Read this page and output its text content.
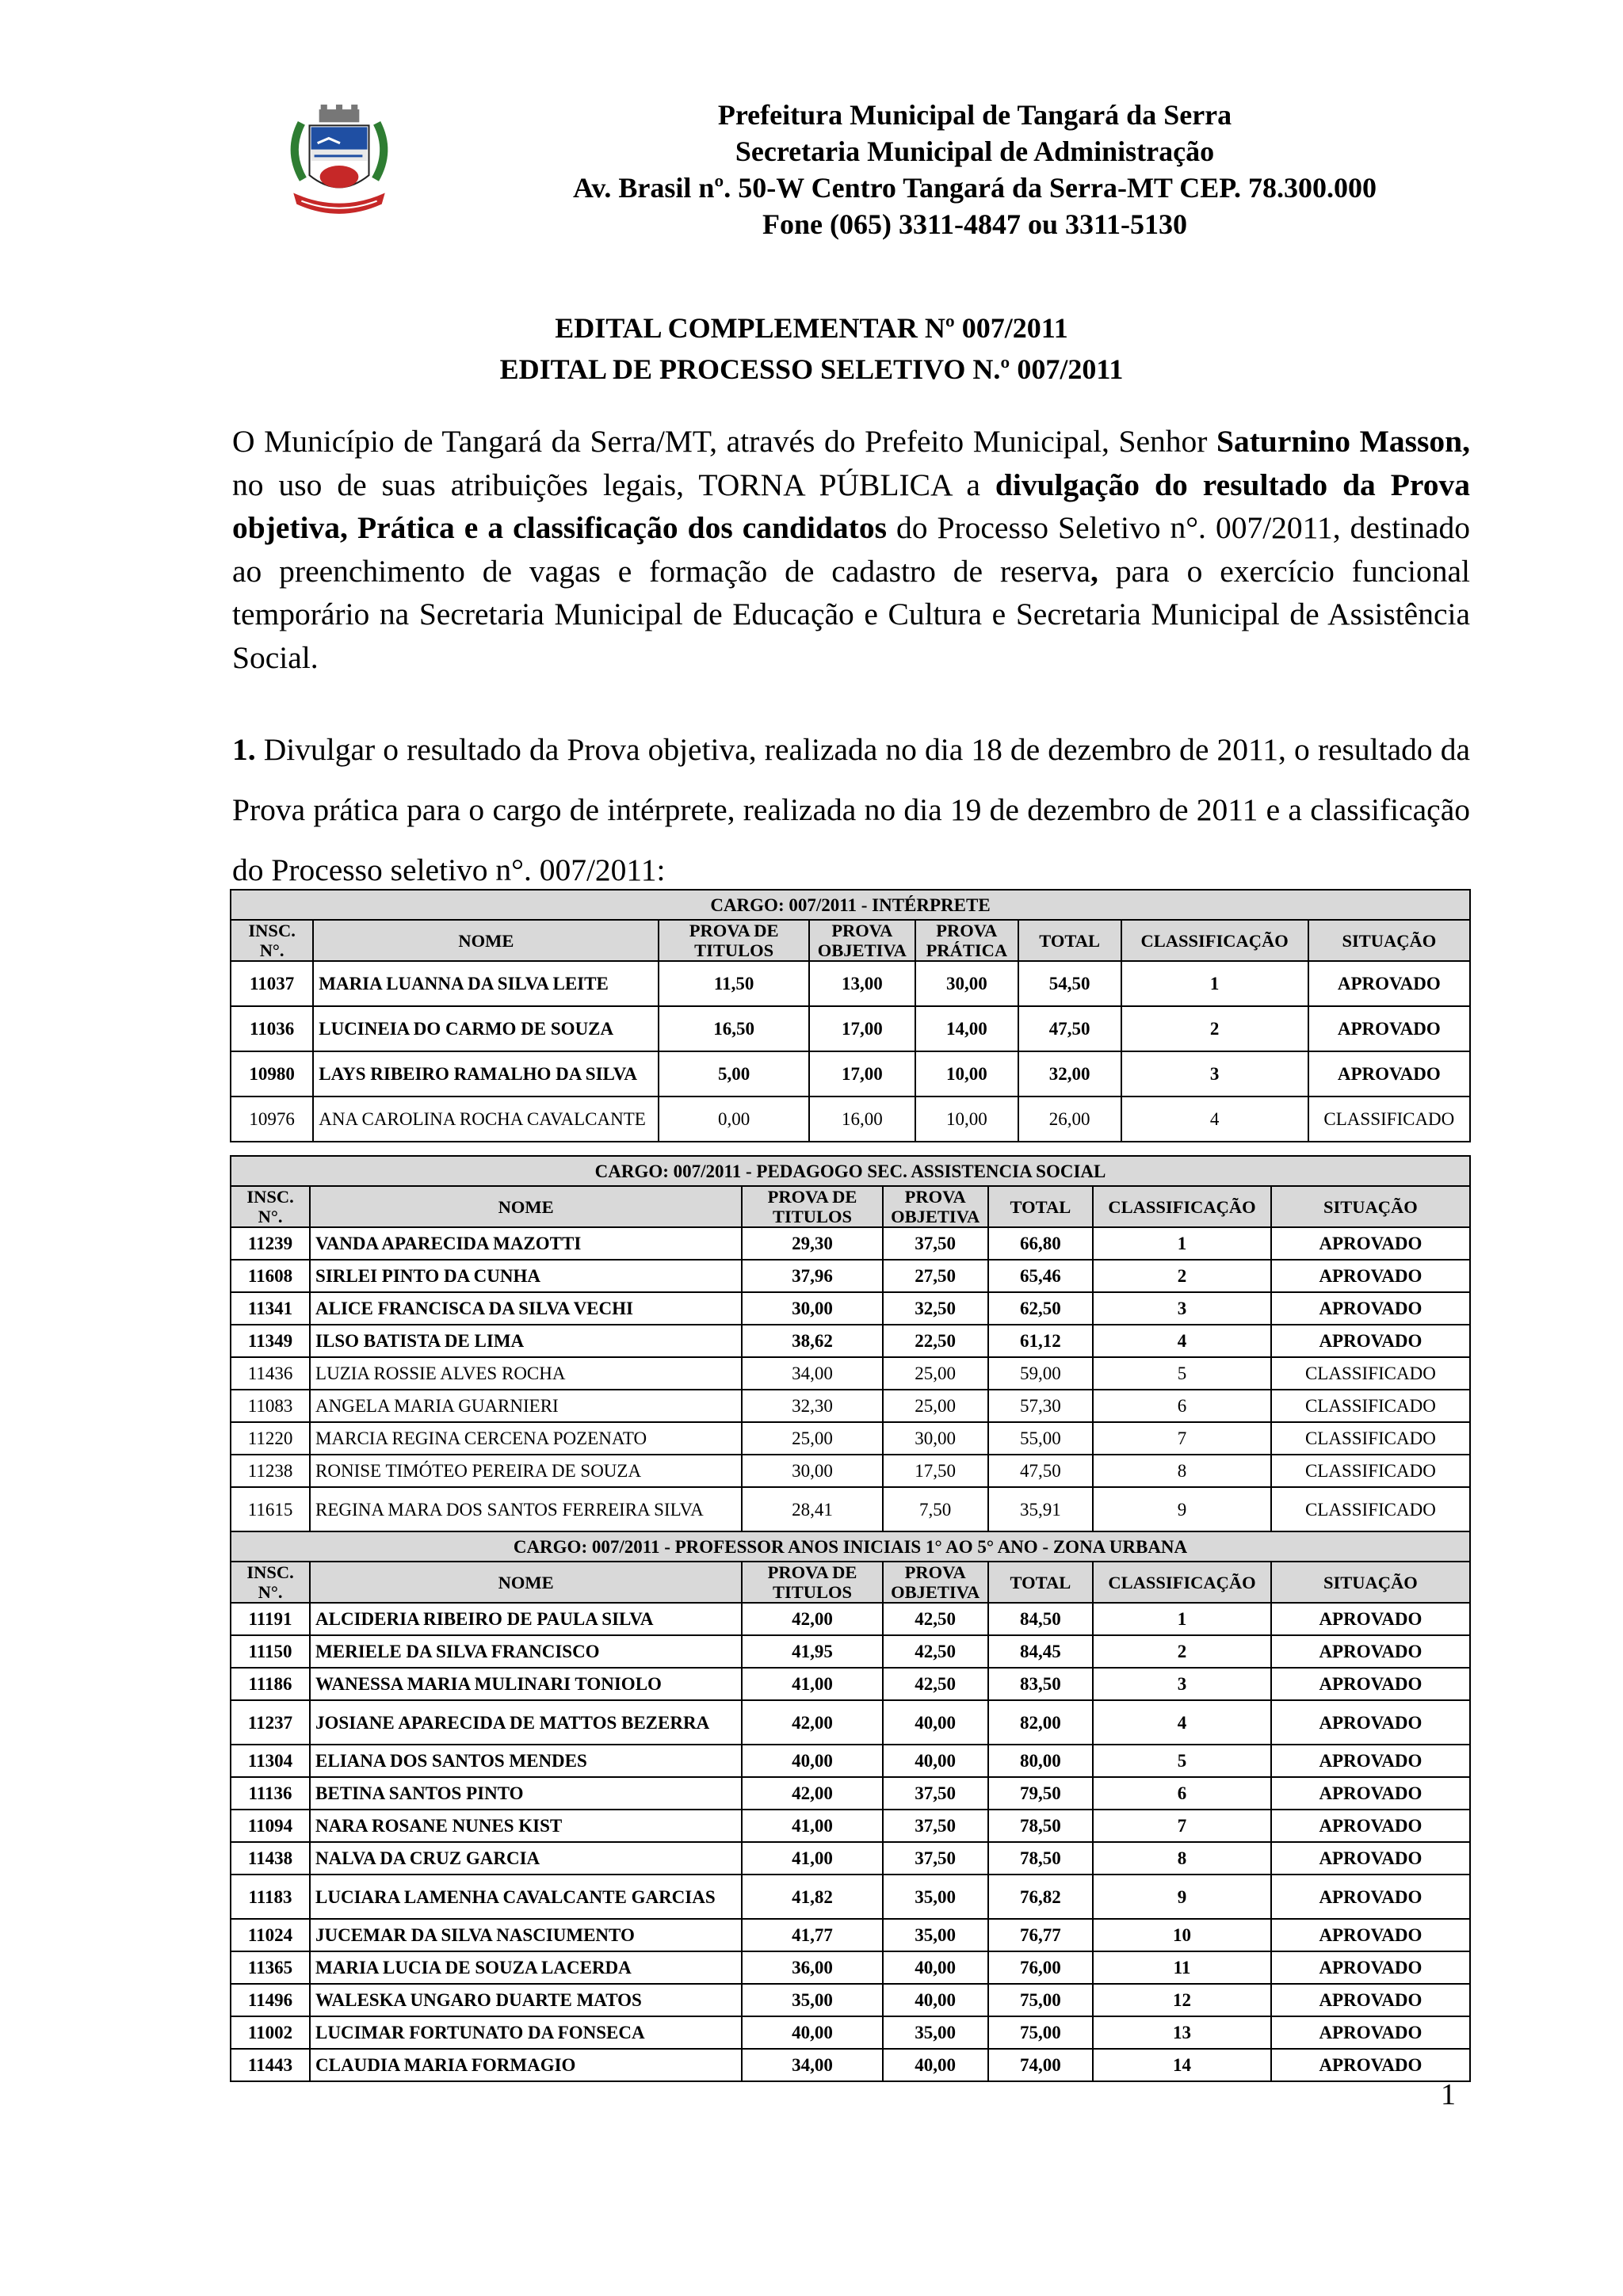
Prefeitura Municipal de Tangará da Serra
Secretaria Municipal de Administração
Av. Brasil nº. 50-W Centro Tangará da Serra-MT CEP. 78.300.000
Fone (065) 3311-4847 ou 3311-5130
EDITAL COMPLEMENTAR Nº 007/2011
EDITAL DE PROCESSO SELETIVO N.º 007/2011
O Município de Tangará da Serra/MT, através do Prefeito Municipal, Senhor Saturnino Masson, no uso de suas atribuições legais, TORNA PÚBLICA a divulgação do resultado da Prova objetiva, Prática e a classificação dos candidatos do Processo Seletivo n°. 007/2011, destinado ao preenchimento de vagas e formação de cadastro de reserva, para o exercício funcional temporário na Secretaria Municipal de Educação e Cultura e Secretaria Municipal de Assistência Social.
1. Divulgar o resultado da Prova objetiva, realizada no dia 18 de dezembro de 2011, o resultado da Prova prática para o cargo de intérprete, realizada no dia 19 de dezembro de 2011 e a classificação do Processo seletivo n°. 007/2011:
CARGO: 007/2011 - INTÉRPRETE							
INSC. N°.	NOME	PROVA DE TITULOS	PROVA OBJETIVA	PROVA PRÁTICA	TOTAL	CLASSIFICAÇÃO	SITUAÇÃO
11037	MARIA LUANNA DA SILVA LEITE	11,50	13,00	30,00	54,50	1	APROVADO
11036	LUCINEIA DO CARMO DE SOUZA	16,50	17,00	14,00	47,50	2	APROVADO
10980	LAYS RIBEIRO RAMALHO DA SILVA	5,00	17,00	10,00	32,00	3	APROVADO
10976	ANA CAROLINA ROCHA CAVALCANTE	0,00	16,00	10,00	26,00	4	CLASSIFICADO
CARGO: 007/2011 - PEDAGOGO SEC. ASSISTENCIA SOCIAL						
INSC. N°.	NOME	PROVA DE TITULOS	PROVA OBJETIVA	TOTAL	CLASSIFICAÇÃO	SITUAÇÃO
11239	VANDA APARECIDA MAZOTTI	29,30	37,50	66,80	1	APROVADO
11608	SIRLEI PINTO DA CUNHA	37,96	27,50	65,46	2	APROVADO
11341	ALICE FRANCISCA DA SILVA VECHI	30,00	32,50	62,50	3	APROVADO
11349	ILSO BATISTA DE LIMA	38,62	22,50	61,12	4	APROVADO
11436	LUZIA ROSSIE ALVES ROCHA	34,00	25,00	59,00	5	CLASSIFICADO
11083	ANGELA MARIA GUARNIERI	32,30	25,00	57,30	6	CLASSIFICADO
11220	MARCIA REGINA CERCENA POZENATO	25,00	30,00	55,00	7	CLASSIFICADO
11238	RONISE TIMÓTEO PEREIRA DE SOUZA	30,00	17,50	47,50	8	CLASSIFICADO
11615	REGINA MARA DOS SANTOS FERREIRA SILVA	28,41	7,50	35,91	9	CLASSIFICADO
CARGO: 007/2011 - PROFESSOR ANOS INICIAIS 1° AO 5° ANO - ZONA URBANA						
INSC. N°.	NOME	PROVA DE TITULOS	PROVA OBJETIVA	TOTAL	CLASSIFICAÇÃO	SITUAÇÃO
11191	ALCIDERIA RIBEIRO DE PAULA SILVA	42,00	42,50	84,50	1	APROVADO
11150	MERIELE DA SILVA FRANCISCO	41,95	42,50	84,45	2	APROVADO
11186	WANESSA MARIA MULINARI TONIOLO	41,00	42,50	83,50	3	APROVADO
11237	JOSIANE APARECIDA DE MATTOS BEZERRA	42,00	40,00	82,00	4	APROVADO
11304	ELIANA DOS SANTOS MENDES	40,00	40,00	80,00	5	APROVADO
11136	BETINA SANTOS PINTO	42,00	37,50	79,50	6	APROVADO
11094	NARA ROSANE NUNES KIST	41,00	37,50	78,50	7	APROVADO
11438	NALVA DA CRUZ GARCIA	41,00	37,50	78,50	8	APROVADO
11183	LUCIARA LAMENHA CAVALCANTE GARCIAS	41,82	35,00	76,82	9	APROVADO
11024	JUCEMAR DA SILVA NASCIUMENTO	41,77	35,00	76,77	10	APROVADO
11365	MARIA LUCIA DE SOUZA LACERDA	36,00	40,00	76,00	11	APROVADO
11496	WALESKA UNGARO DUARTE MATOS	35,00	40,00	75,00	12	APROVADO
11002	LUCIMAR FORTUNATO DA FONSECA	40,00	35,00	75,00	13	APROVADO
11443	CLAUDIA MARIA FORMAGIO	34,00	40,00	74,00	14	APROVADO
1
